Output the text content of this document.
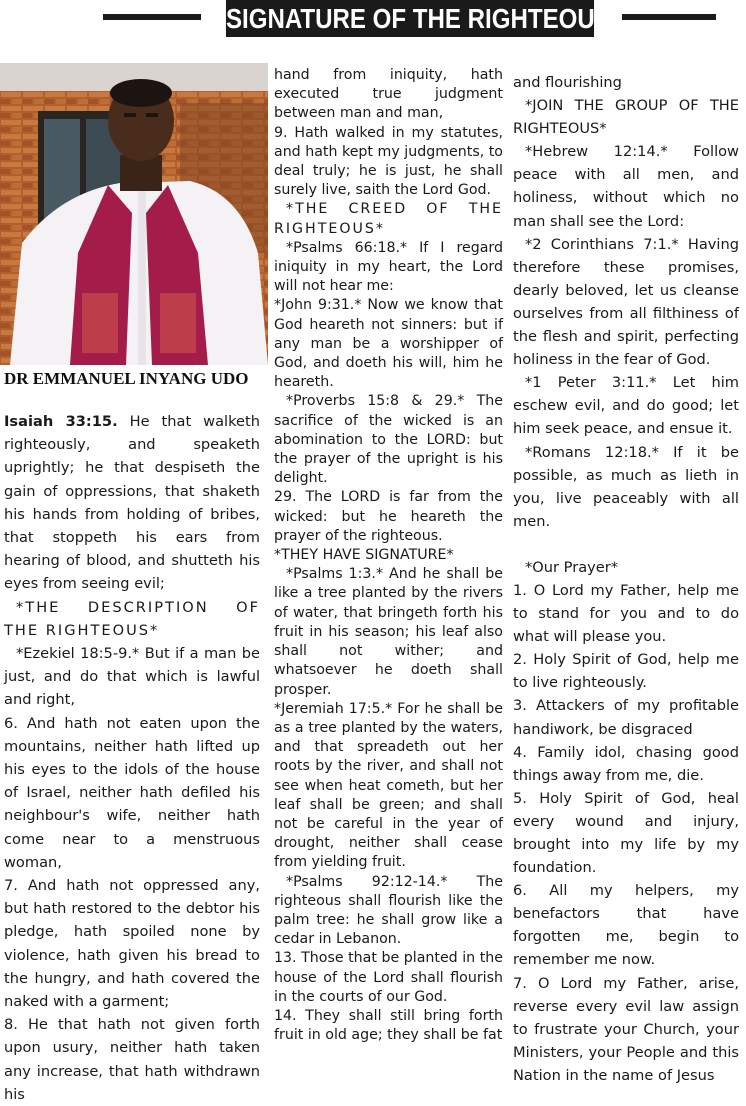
SIGNATURE OF THE RIGHTEOUS
DR EMMANUEL INYANG UDO

Isaiah 33:15. He that walketh righteously, and speaketh uprightly; he that despiseth the gain of oppressions, that shaketh his hands from holding of bribes, that stoppeth his ears from hearing of blood, and shutteth his eyes from seeing evil;

*THE DESCRIPTION OF THE RIGHTEOUS*

*Ezekiel 18:5-9.* But if a man be just, and do that which is lawful and right,

6. And hath not eaten upon the mountains, neither hath lifted up his eyes to the idols of the house of Israel, neither hath defiled his neighbour's wife, neither hath come near to a menstruous woman,

7. And hath not oppressed any, but hath restored to the debtor his pledge, hath spoiled none by violence, hath given his bread to the hungry, and hath covered the naked with a garment;

8. He that hath not given forth upon usury, neither hath taken any increase, that hath withdrawn his

hand from iniquity, hath executed true judgment between man and man,

9. Hath walked in my statutes, and hath kept my judgments, to deal truly; he is just, he shall surely live, saith the Lord God.

*THE CREED OF THE RIGHTEOUS*

*Psalms 66:18.* If I regard iniquity in my heart, the Lord will not hear me:

*John 9:31.* Now we know that God heareth not sinners: but if any man be a worshipper of God, and doeth his will, him he heareth.

*Proverbs 15:8 & 29.* The sacrifice of the wicked is an abomination to the LORD: but the prayer of the upright is his delight.

29. The LORD is far from the wicked: but he heareth the prayer of the righteous.

*THEY HAVE SIGNATURE*

*Psalms 1:3.* And he shall be like a tree planted by the rivers of water, that bringeth forth his fruit in his season; his leaf also shall not wither; and whatsoever he doeth shall prosper.

*Jeremiah 17:5.* For he shall be as a tree planted by the waters, and that spreadeth out her roots by the river, and shall not see when heat cometh, but her leaf shall be green; and shall not be careful in the year of drought, neither shall cease from yielding fruit.

*Psalms 92:12-14.* The righteous shall flourish like the palm tree: he shall grow like a cedar in Lebanon.

13. Those that be planted in the house of the Lord shall flourish in the courts of our God.

14. They shall still bring forth fruit in old age; they shall be fat

and flourishing

*JOIN THE GROUP OF THE RIGHTEOUS*

*Hebrew 12:14.* Follow peace with all men, and holiness, without which no man shall see the Lord:

*2 Corinthians 7:1.* Having therefore these promises, dearly beloved, let us cleanse ourselves from all filthiness of the flesh and spirit, perfecting holiness in the fear of God.

*1 Peter 3:11.* Let him eschew evil, and do good; let him seek peace, and ensue it.

*Romans 12:18.* If it be possible, as much as lieth in you, live peaceably with all men.

*Our Prayer*

1. O Lord my Father, help me to stand for you and to do what will please you.

2. Holy Spirit of God, help me to live righteously.

3. Attackers of my profitable handiwork, be disgraced

4. Family idol, chasing good things away from me, die.

5. Holy Spirit of God, heal every wound and injury, brought into my life by my foundation.

6. All my helpers, my benefactors that have forgotten me, begin to remember me now.

7. O Lord my Father, arise, reverse every evil law assign to frustrate your Church, your Ministers, your People and this Nation in the name of Jesus
